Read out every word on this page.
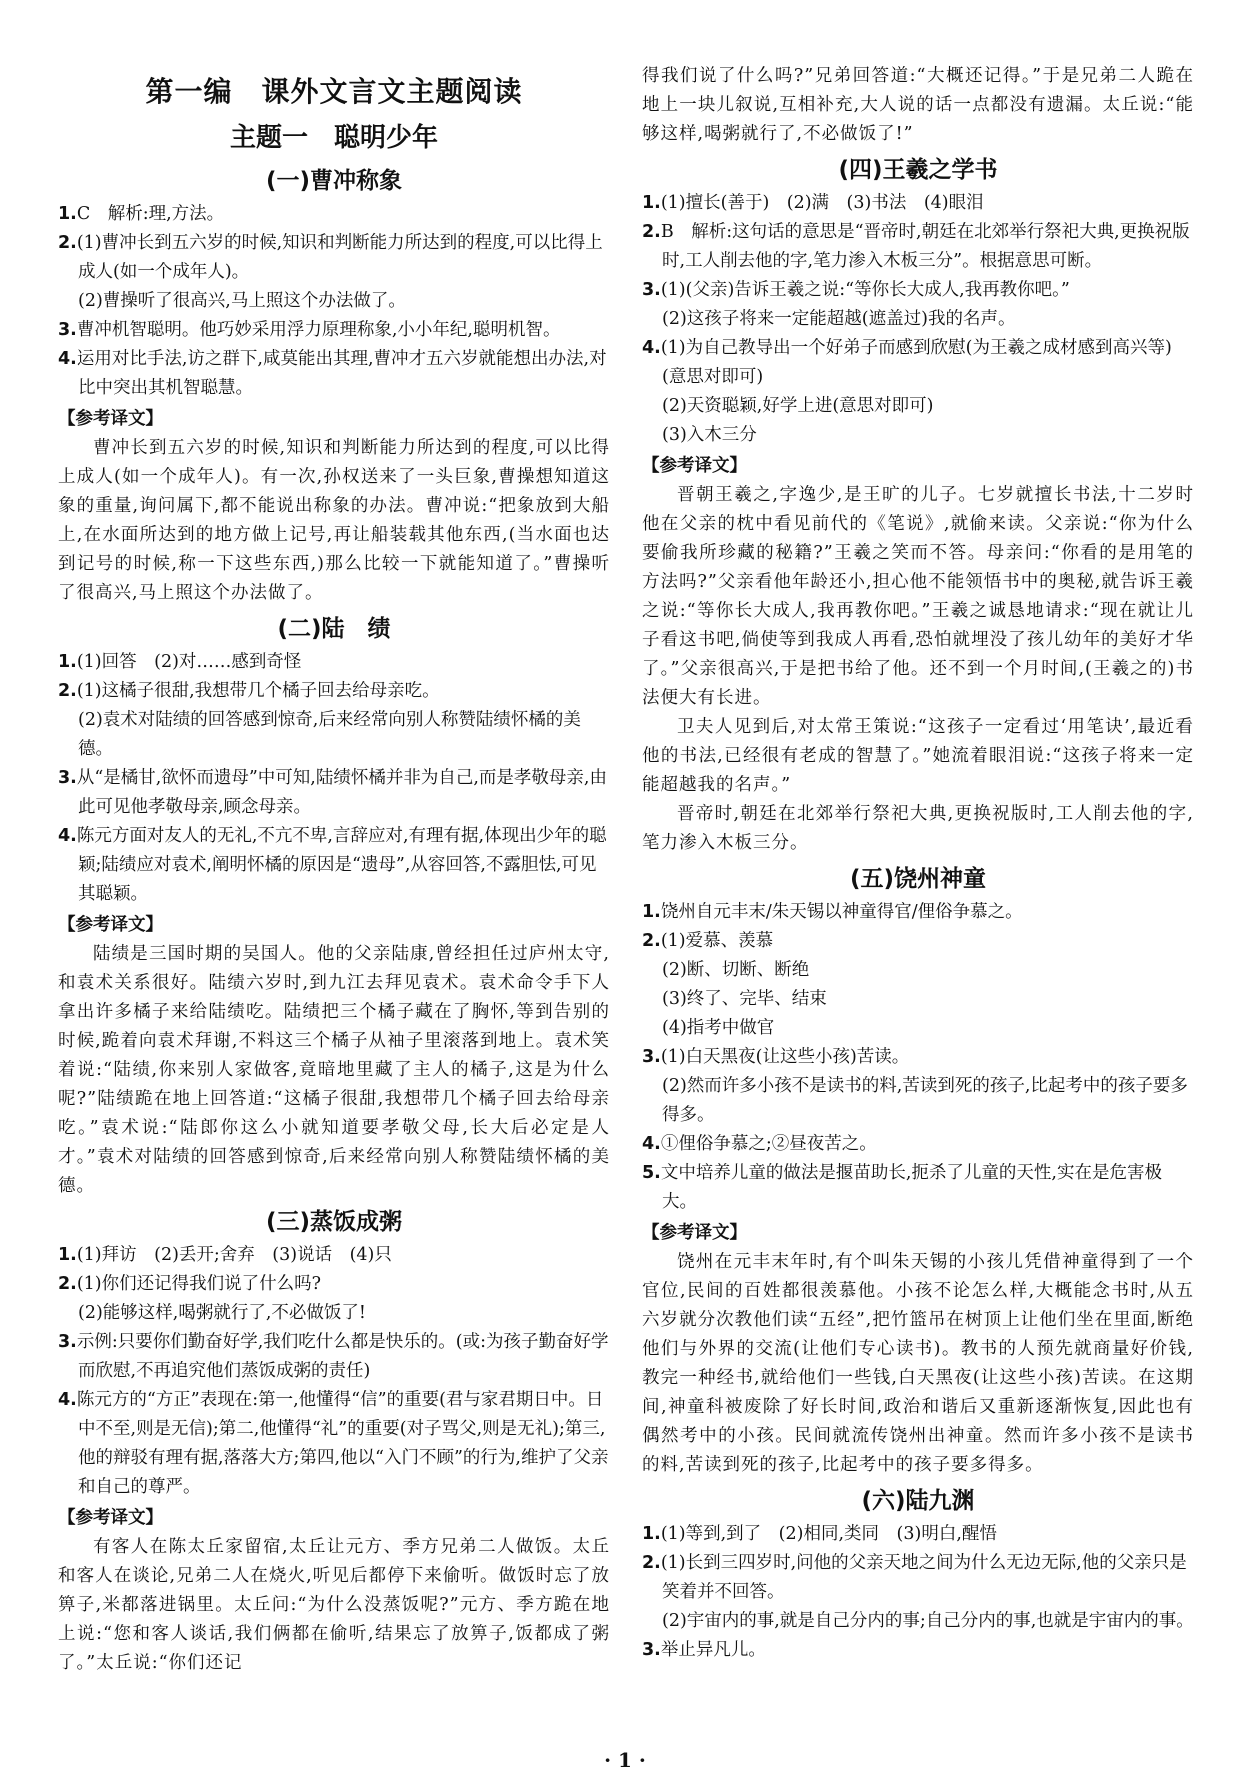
第一编　课外文言文主题阅读
主题一　聪明少年
(一)曹冲称象

1.C　解析:理,方法。

2.(1)曹冲长到五六岁的时候,知识和判断能力所达到的程度,可以比得上成人(如一个成年人)。

(2)曹操听了很高兴,马上照这个办法做了。

3.曹冲机智聪明。他巧妙采用浮力原理称象,小小年纪,聪明机智。

4.运用对比手法,访之群下,咸莫能出其理,曹冲才五六岁就能想出办法,对比中突出其机智聪慧。

【参考译文】

曹冲长到五六岁的时候,知识和判断能力所达到的程度,可以比得上成人(如一个成年人)。有一次,孙权送来了一头巨象,曹操想知道这象的重量,询问属下,都不能说出称象的办法。曹冲说:“把象放到大船上,在水面所达到的地方做上记号,再让船装载其他东西,(当水面也达到记号的时候,称一下这些东西,)那么比较一下就能知道了。”曹操听了很高兴,马上照这个办法做了。

(二)陆　绩

1.(1)回答　(2)对……感到奇怪

2.(1)这橘子很甜,我想带几个橘子回去给母亲吃。

(2)袁术对陆绩的回答感到惊奇,后来经常向别人称赞陆绩怀橘的美德。

3.从“是橘甘,欲怀而遗母”中可知,陆绩怀橘并非为自己,而是孝敬母亲,由此可见他孝敬母亲,顾念母亲。

4.陈元方面对友人的无礼,不亢不卑,言辞应对,有理有据,体现出少年的聪颖;陆绩应对袁术,阐明怀橘的原因是“遗母”,从容回答,不露胆怯,可见其聪颖。

【参考译文】

陆绩是三国时期的吴国人。他的父亲陆康,曾经担任过庐州太守,和袁术关系很好。陆绩六岁时,到九江去拜见袁术。袁术命令手下人拿出许多橘子来给陆绩吃。陆绩把三个橘子藏在了胸怀,等到告别的时候,跪着向袁术拜谢,不料这三个橘子从袖子里滚落到地上。袁术笑着说:“陆绩,你来别人家做客,竟暗地里藏了主人的橘子,这是为什么呢?”陆绩跪在地上回答道:“这橘子很甜,我想带几个橘子回去给母亲吃。”袁术说:“陆郎你这么小就知道要孝敬父母,长大后必定是人才。”袁术对陆绩的回答感到惊奇,后来经常向别人称赞陆绩怀橘的美德。

(三)蒸饭成粥

1.(1)拜访　(2)丢开;舍弃　(3)说话　(4)只

2.(1)你们还记得我们说了什么吗?

(2)能够这样,喝粥就行了,不必做饭了!

3.示例:只要你们勤奋好学,我们吃什么都是快乐的。(或:为孩子勤奋好学而欣慰,不再追究他们蒸饭成粥的责任)

4.陈元方的“方正”表现在:第一,他懂得“信”的重要(君与家君期日中。日中不至,则是无信);第二,他懂得“礼”的重要(对子骂父,则是无礼);第三,他的辩驳有理有据,落落大方;第四,他以“入门不顾”的行为,维护了父亲和自己的尊严。

【参考译文】

有客人在陈太丘家留宿,太丘让元方、季方兄弟二人做饭。太丘和客人在谈论,兄弟二人在烧火,听见后都停下来偷听。做饭时忘了放箅子,米都落进锅里。太丘问:“为什么没蒸饭呢?”元方、季方跪在地上说:“您和客人谈话,我们俩都在偷听,结果忘了放箅子,饭都成了粥了。”太丘说:“你们还记

得我们说了什么吗?”兄弟回答道:“大概还记得。”于是兄弟二人跪在地上一块儿叙说,互相补充,大人说的话一点都没有遗漏。太丘说:“能够这样,喝粥就行了,不必做饭了!”

(四)王羲之学书

1.(1)擅长(善于)　(2)满　(3)书法　(4)眼泪

2.B　解析:这句话的意思是“晋帝时,朝廷在北郊举行祭祀大典,更换祝版时,工人削去他的字,笔力渗入木板三分”。根据意思可断。

3.(1)(父亲)告诉王羲之说:“等你长大成人,我再教你吧。”

(2)这孩子将来一定能超越(遮盖过)我的名声。

4.(1)为自己教导出一个好弟子而感到欣慰(为王羲之成材感到高兴等)(意思对即可)

(2)天资聪颖,好学上进(意思对即可)

(3)入木三分

【参考译文】

晋朝王羲之,字逸少,是王旷的儿子。七岁就擅长书法,十二岁时他在父亲的枕中看见前代的《笔说》,就偷来读。父亲说:“你为什么要偷我所珍藏的秘籍?”王羲之笑而不答。母亲问:“你看的是用笔的方法吗?”父亲看他年龄还小,担心他不能领悟书中的奥秘,就告诉王羲之说:“等你长大成人,我再教你吧。”王羲之诚恳地请求:“现在就让儿子看这书吧,倘使等到我成人再看,恐怕就埋没了孩儿幼年的美好才华了。”父亲很高兴,于是把书给了他。还不到一个月时间,(王羲之的)书法便大有长进。

卫夫人见到后,对太常王策说:“这孩子一定看过‘用笔诀’,最近看他的书法,已经很有老成的智慧了。”她流着眼泪说:“这孩子将来一定能超越我的名声。”

晋帝时,朝廷在北郊举行祭祀大典,更换祝版时,工人削去他的字,笔力渗入木板三分。

(五)饶州神童

1.饶州自元丰末/朱天锡以神童得官/俚俗争慕之。

2.(1)爱慕、羡慕

(2)断、切断、断绝

(3)终了、完毕、结束

(4)指考中做官

3.(1)白天黑夜(让这些小孩)苦读。

(2)然而许多小孩不是读书的料,苦读到死的孩子,比起考中的孩子要多得多。

4.①俚俗争慕之;②昼夜苦之。

5.文中培养儿童的做法是揠苗助长,扼杀了儿童的天性,实在是危害极大。

【参考译文】

饶州在元丰末年时,有个叫朱天锡的小孩儿凭借神童得到了一个官位,民间的百姓都很羡慕他。小孩不论怎么样,大概能念书时,从五六岁就分次教他们读“五经”,把竹篮吊在树顶上让他们坐在里面,断绝他们与外界的交流(让他们专心读书)。教书的人预先就商量好价钱,教完一种经书,就给他们一些钱,白天黑夜(让这些小孩)苦读。在这期间,神童科被废除了好长时间,政治和谐后又重新逐渐恢复,因此也有偶然考中的小孩。民间就流传饶州出神童。然而许多小孩不是读书的料,苦读到死的孩子,比起考中的孩子要多得多。

(六)陆九渊

1.(1)等到,到了　(2)相同,类同　(3)明白,醒悟

2.(1)长到三四岁时,问他的父亲天地之间为什么无边无际,他的父亲只是笑着并不回答。

(2)宇宙内的事,就是自己分内的事;自己分内的事,也就是宇宙内的事。

3.举止异凡儿。

· 1 ·
